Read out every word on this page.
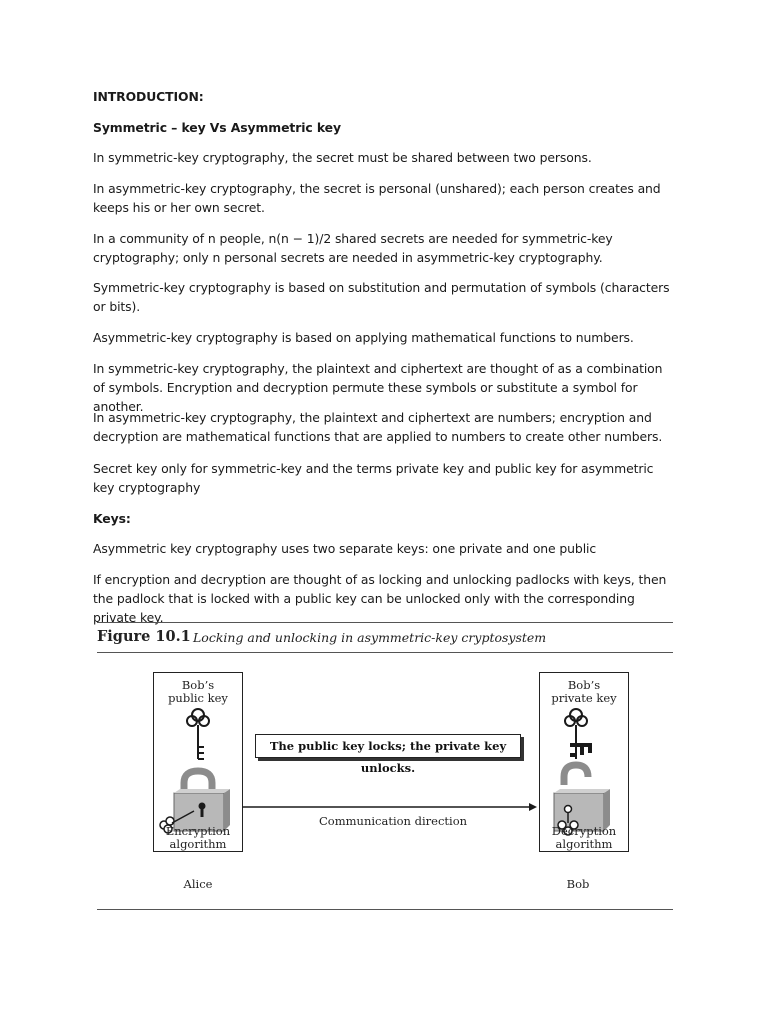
INTRODUCTION:

Symmetric – key Vs Asymmetric key

In symmetric-key cryptography, the secret must be shared between two persons.

In asymmetric-key cryptography, the secret is personal (unshared); each person creates and keeps his or her own secret.

In a community of n people, n(n − 1)/2 shared secrets are needed for symmetric-key cryptography; only n personal secrets are needed in asymmetric-key cryptography.

Symmetric-key cryptography is based on substitution and permutation of symbols (characters or bits).

Asymmetric-key cryptography is based on applying mathematical functions to numbers.

In symmetric-key cryptography, the plaintext and ciphertext are thought of as a combination of symbols. Encryption and decryption permute these symbols or substitute a symbol for another.

In asymmetric-key cryptography, the plaintext and ciphertext are numbers; encryption and decryption are mathematical functions that are applied to numbers to create other numbers.

Secret key only for symmetric-key and the terms private key and public key for asymmetric key cryptography

Keys:

Asymmetric key cryptography uses two separate keys: one private and one public

If encryption and decryption are thought of as locking and unlocking padlocks with keys, then the padlock that is locked with a public key can be unlocked only with the corresponding private key.

Figure 10.1 Locking and unlocking in asymmetric-key cryptosystem
Bob’s
public key
Encryption
algorithm
Alice
The public key locks; the private key unlocks.
Communication direction
Bob’s
private key
Decryption
algorithm
Bob
